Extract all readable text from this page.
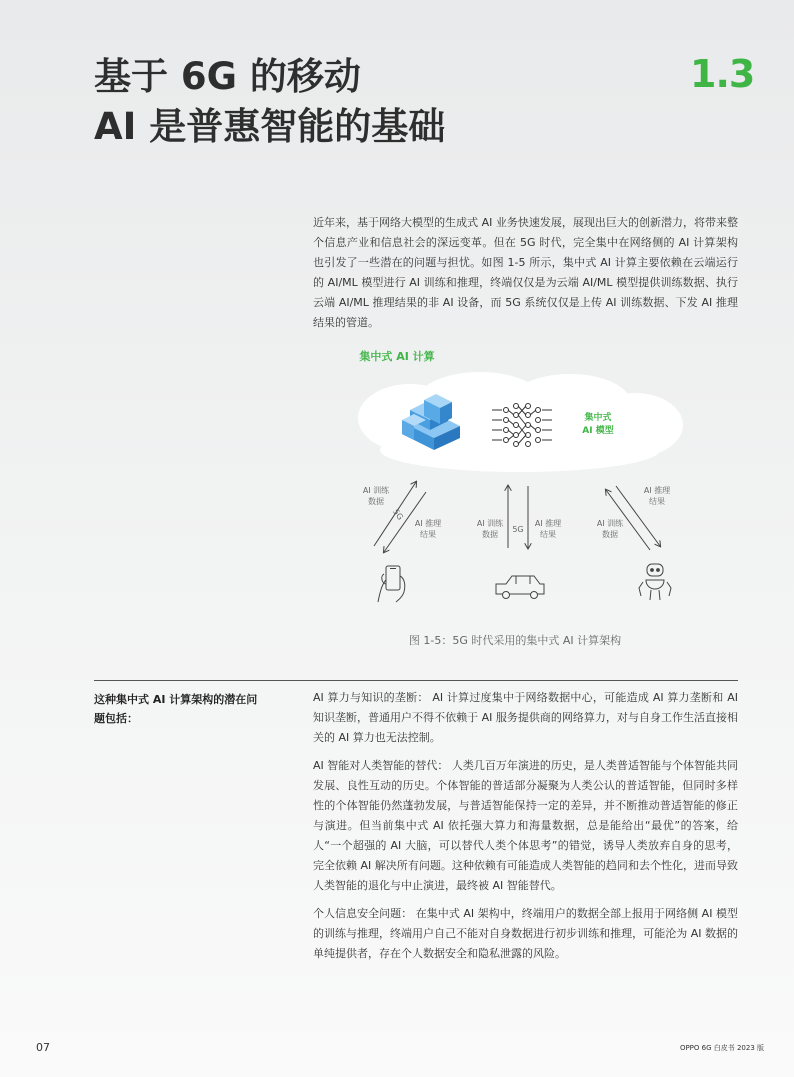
基于 6G 的移动
AI 是普惠智能的基础
1.3
近年来，基于网络大模型的生成式 AI 业务快速发展，展现出巨大的创新潜力，将带来整个信息产业和信息社会的深远变革。但在 5G 时代，完全集中在网络侧的 AI 计算架构也引发了一些潜在的问题与担忧。如图 1-5 所示，集中式 AI 计算主要依赖在云端运行的 AI/ML 模型进行 AI 训练和推理，终端仅仅是为云端 AI/ML 模型提供训练数据、执行云端 AI/ML 推理结果的非 AI 设备，而 5G 系统仅仅是上传 AI 训练数据、下发 AI 推理结果的管道。
集中式 AI 计算
集中式
AI 模型
AI 训练
数据
5G
AI 推理
结果
AI 训练
数据
5G
AI 推理
结果
AI 推理
结果
AI 训练
数据
图 1-5：5G 时代采用的集中式 AI 计算架构
这种集中式 AI 计算架构的潜在问题包括：

AI 算力与知识的垄断： AI 计算过度集中于网络数据中心，可能造成 AI 算力垄断和 AI 知识垄断，普通用户不得不依赖于 AI 服务提供商的网络算力，对与自身工作生活直接相关的 AI 算力也无法控制。

AI 智能对人类智能的替代： 人类几百万年演进的历史，是人类普适智能与个体智能共同发展、良性互动的历史。个体智能的普适部分凝聚为人类公认的普适智能，但同时多样性的个体智能仍然蓬勃发展，与普适智能保持一定的差异，并不断推动普适智能的修正与演进。但当前集中式 AI 依托强大算力和海量数据，总是能给出“最优”的答案，给人“一个超强的 AI 大脑，可以替代人类个体思考”的错觉，诱导人类放弃自身的思考，完全依赖 AI 解决所有问题。这种依赖有可能造成人类智能的趋同和去个性化，进而导致人类智能的退化与中止演进，最终被 AI 智能替代。

个人信息安全问题： 在集中式 AI 架构中，终端用户的数据全部上报用于网络侧 AI 模型的训练与推理，终端用户自己不能对自身数据进行初步训练和推理，可能沦为 AI 数据的单纯提供者，存在个人数据安全和隐私泄露的风险。

07	OPPO 6G 白皮书 2023 版
